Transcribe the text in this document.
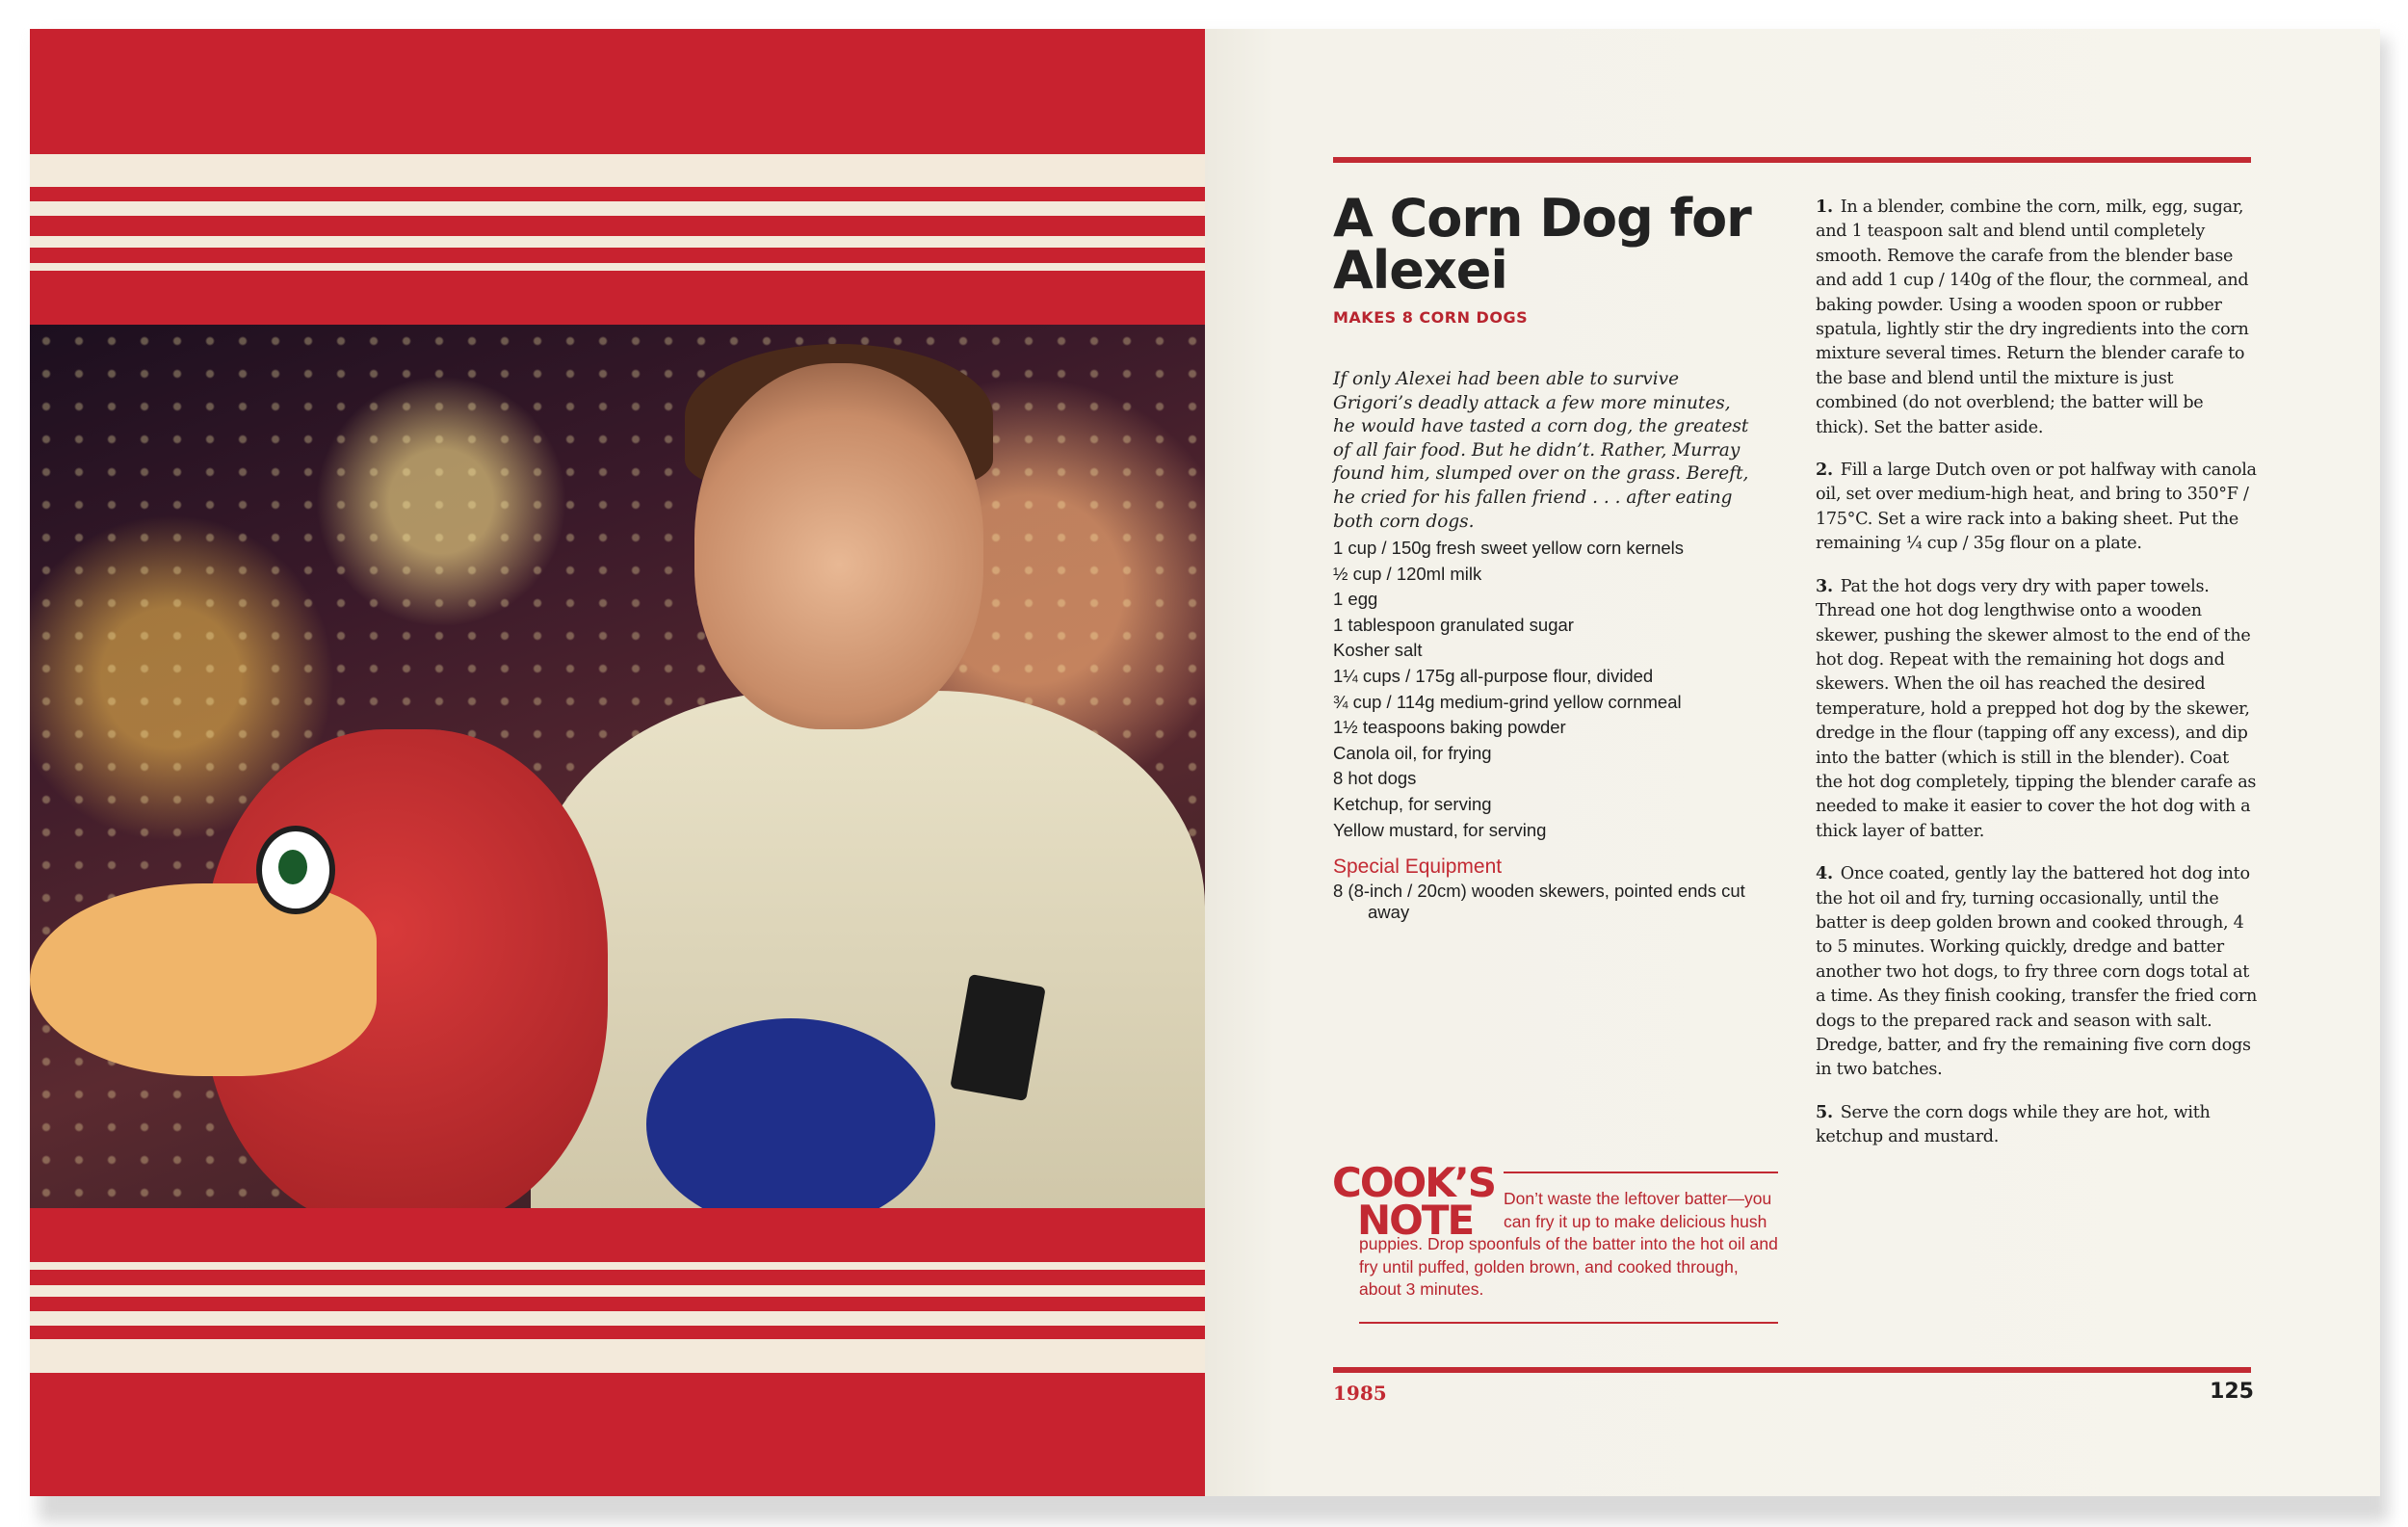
A Corn Dog for Alexei

MAKES 8 CORN DOGS

If only Alexei had been able to survive Grigori’s deadly attack a few more minutes, he would have tasted a corn dog, the greatest of all fair food. But he didn’t. Rather, Murray found him, slumped over on the grass. Bereft, he cried for his fallen friend . . . after eating both corn dogs.

1 cup / 150g fresh sweet yellow corn kernels
½ cup / 120ml milk
1 egg
1 tablespoon granulated sugar
Kosher salt
1¼ cups / 175g all-purpose flour, divided
¾ cup / 114g medium-grind yellow cornmeal
1½ teaspoons baking powder
Canola oil, for frying
8 hot dogs
Ketchup, for serving
Yellow mustard, for serving

Special Equipment

8 (8-inch / 20cm) wooden skewers, pointed ends cut away

COOK’S
NOTE	Don’t waste the leftover batter—you can fry it up to make delicious hush puppies. Drop spoonfuls of the batter into the hot oil and fry until puffed, golden brown, and cooked through, about 3 minutes.

1. In a blender, combine the corn, milk, egg, sugar, and 1 teaspoon salt and blend until completely smooth. Remove the carafe from the blender base and add 1 cup / 140g of the flour, the cornmeal, and baking powder. Using a wooden spoon or rubber spatula, lightly stir the dry ingredients into the corn mixture several times. Return the blender carafe to the base and blend until the mixture is just combined (do not overblend; the batter will be thick). Set the batter aside.

2. Fill a large Dutch oven or pot halfway with canola oil, set over medium-high heat, and bring to 350°F / 175°C. Set a wire rack into a baking sheet. Put the remaining ¼ cup / 35g flour on a plate.

3. Pat the hot dogs very dry with paper towels. Thread one hot dog lengthwise onto a wooden skewer, pushing the skewer almost to the end of the hot dog. Repeat with the remaining hot dogs and skewers. When the oil has reached the desired temperature, hold a prepped hot dog by the skewer, dredge in the flour (tapping off any excess), and dip into the batter (which is still in the blender). Coat the hot dog completely, tipping the blender carafe as needed to make it easier to cover the hot dog with a thick layer of batter.

4. Once coated, gently lay the battered hot dog into the hot oil and fry, turning occasionally, until the batter is deep golden brown and cooked through, 4 to 5 minutes. Working quickly, dredge and batter another two hot dogs, to fry three corn dogs total at a time. As they finish cooking, transfer the fried corn dogs to the prepared rack and season with salt. Dredge, batter, and fry the remaining five corn dogs in two batches.

5. Serve the corn dogs while they are hot, with ketchup and mustard.

1985	125
